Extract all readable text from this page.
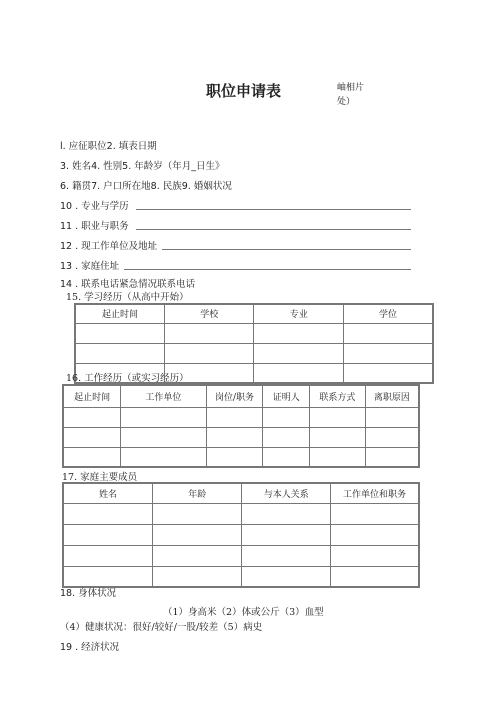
职位申请表	岫相片处）
l. 应征职位2. 填表日期
3. 姓名4. 性别5. 年龄岁（年月_日生》
6. 籍贯7. 户口所在地8. 民族9. 婚姻状况
10 . 专业与学历
11 . 职业与职务
12 . 现工作单位及地址
13 . 家庭住址
14 . 联系电话紧急情况联系电话
15. 学习经历（从高中开始）
起止时间	学校	专业	学位

16. 工作经历（或实习经历）
起止时间	工作单位	岗位/职务	证明人	联系方式	离职原因

17. 家庭主要成员
姓名	年龄	与本人关系	工作单位和职务

18. 身体状况
（1）身高米（2）体或公斤（3）血型
（4）健康状况：很好/较好/一股/较差（5）病史
19 . 经济状况
